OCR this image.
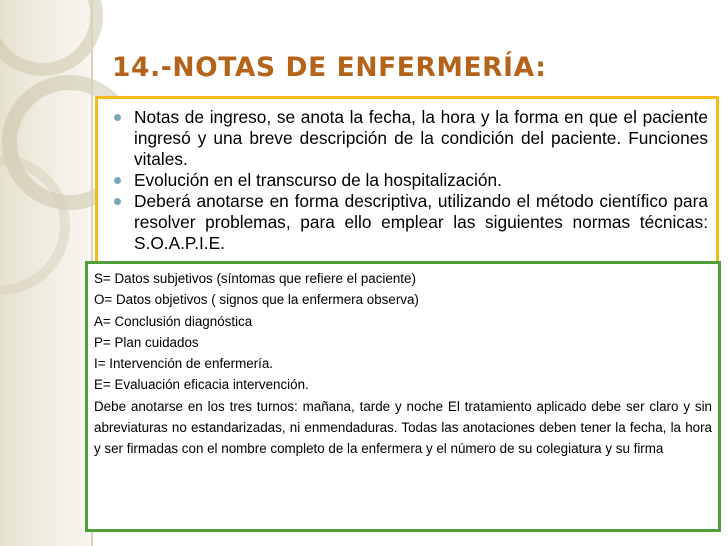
14.-NOTAS DE ENFERMERÍA:
Notas de ingreso, se anota la fecha, la hora y la forma en que el paciente ingresó y una breve descripción de la condición del paciente. Funciones vitales.
Evolución en el transcurso de la hospitalización.
Deberá anotarse en forma descriptiva, utilizando el método científico para resolver problemas, para ello emplear las siguientes normas técnicas: S.O.A.P.I.E.
S= Datos subjetivos (síntomas que refiere el paciente)
O= Datos objetivos ( signos que la enfermera observa)
A= Conclusión diagnóstica
P= Plan cuidados
I= Intervención de enfermería.
E= Evaluación eficacia intervención.

Debe anotarse en los tres turnos: mañana, tarde y noche El tratamiento aplicado debe ser claro y sin abreviaturas no estandarizadas, ni enmendaduras. Todas las anotaciones deben tener la fecha, la hora y ser firmadas con el nombre completo de la enfermera y el número de su colegiatura y su firma
